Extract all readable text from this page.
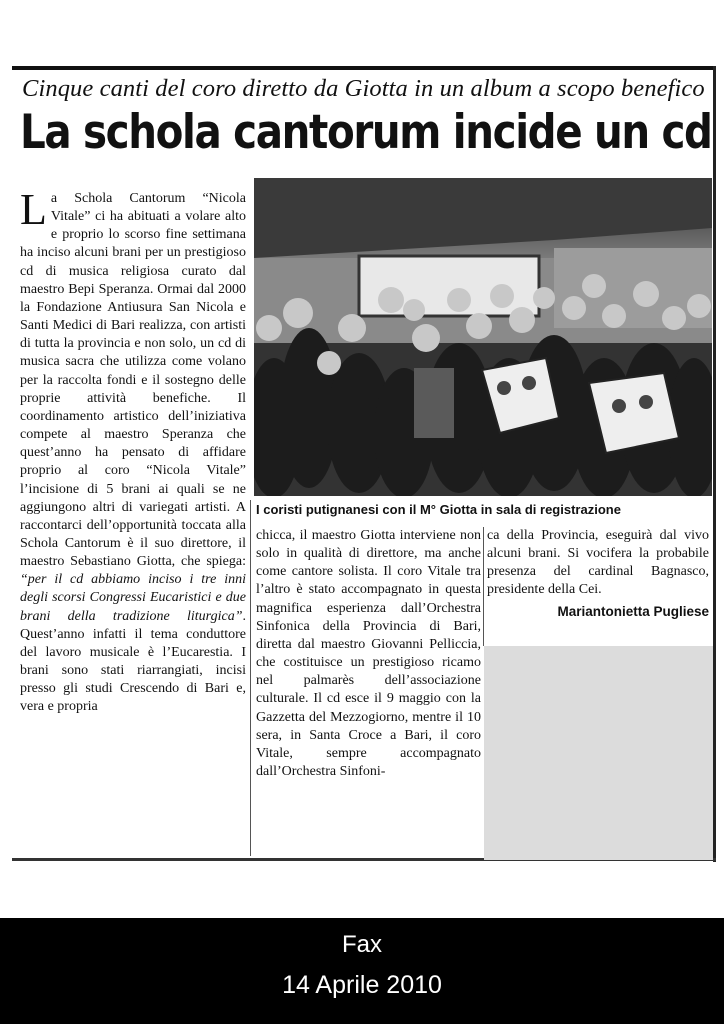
Cinque canti del coro diretto da Giotta in un album a scopo benefico
La schola cantorum incide un cd

La Schola Cantorum “Nicola Vitale” ci ha abituati a volare alto e proprio lo scorso fine settimana ha inciso alcuni brani per un prestigioso cd di musica religiosa curato dal maestro Bepi Speranza. Ormai dal 2000 la Fondazione Antiusura San Nicola e Santi Medici di Bari realizza, con artisti di tutta la provincia e non solo, un cd di musica sacra che utilizza come volano per la raccolta fondi e il sostegno delle proprie attività benefiche. Il coordinamento artistico dell’iniziativa compete al maestro Speranza che quest’anno ha pensato di affidare proprio al coro “Nicola Vitale” l’incisione di 5 brani ai quali se ne aggiungono altri di variegati artisti. A raccontarci dell’opportunità toccata alla Schola Cantorum è il suo direttore, il maestro Sebastiano Giotta, che spiega: “per il cd abbiamo inciso i tre inni degli scorsi Congressi Eucaristici e due brani della tradizione liturgica”. Quest’anno infatti il tema conduttore del lavoro musicale è l’Eucarestia. I brani sono stati riarrangiati, incisi presso gli studi Crescendo di Bari e, vera e propria

I coristi putignanesi con il M° Giotta in sala di registrazione

chicca, il maestro Giotta interviene non solo in qualità di direttore, ma anche come cantore solista. Il coro Vitale tra l’altro è stato accompagnato in questa magnifica esperienza dall’Orchestra Sinfonica della Provincia di Bari, diretta dal maestro Giovanni Pelliccia, che costituisce un prestigioso ricamo nel palmarès dell’associazione culturale. Il cd esce il 9 maggio con la Gazzetta del Mezzogiorno, mentre il 10 sera, in Santa Croce a Bari, il coro Vitale, sempre accompagnato dall’Orchestra Sinfoni-

ca della Provincia, eseguirà dal vivo alcuni brani. Si vocifera la probabile presenza del cardinal Bagnasco, presidente della Cei.

Mariantonietta Pugliese

Fax
14 Aprile 2010
